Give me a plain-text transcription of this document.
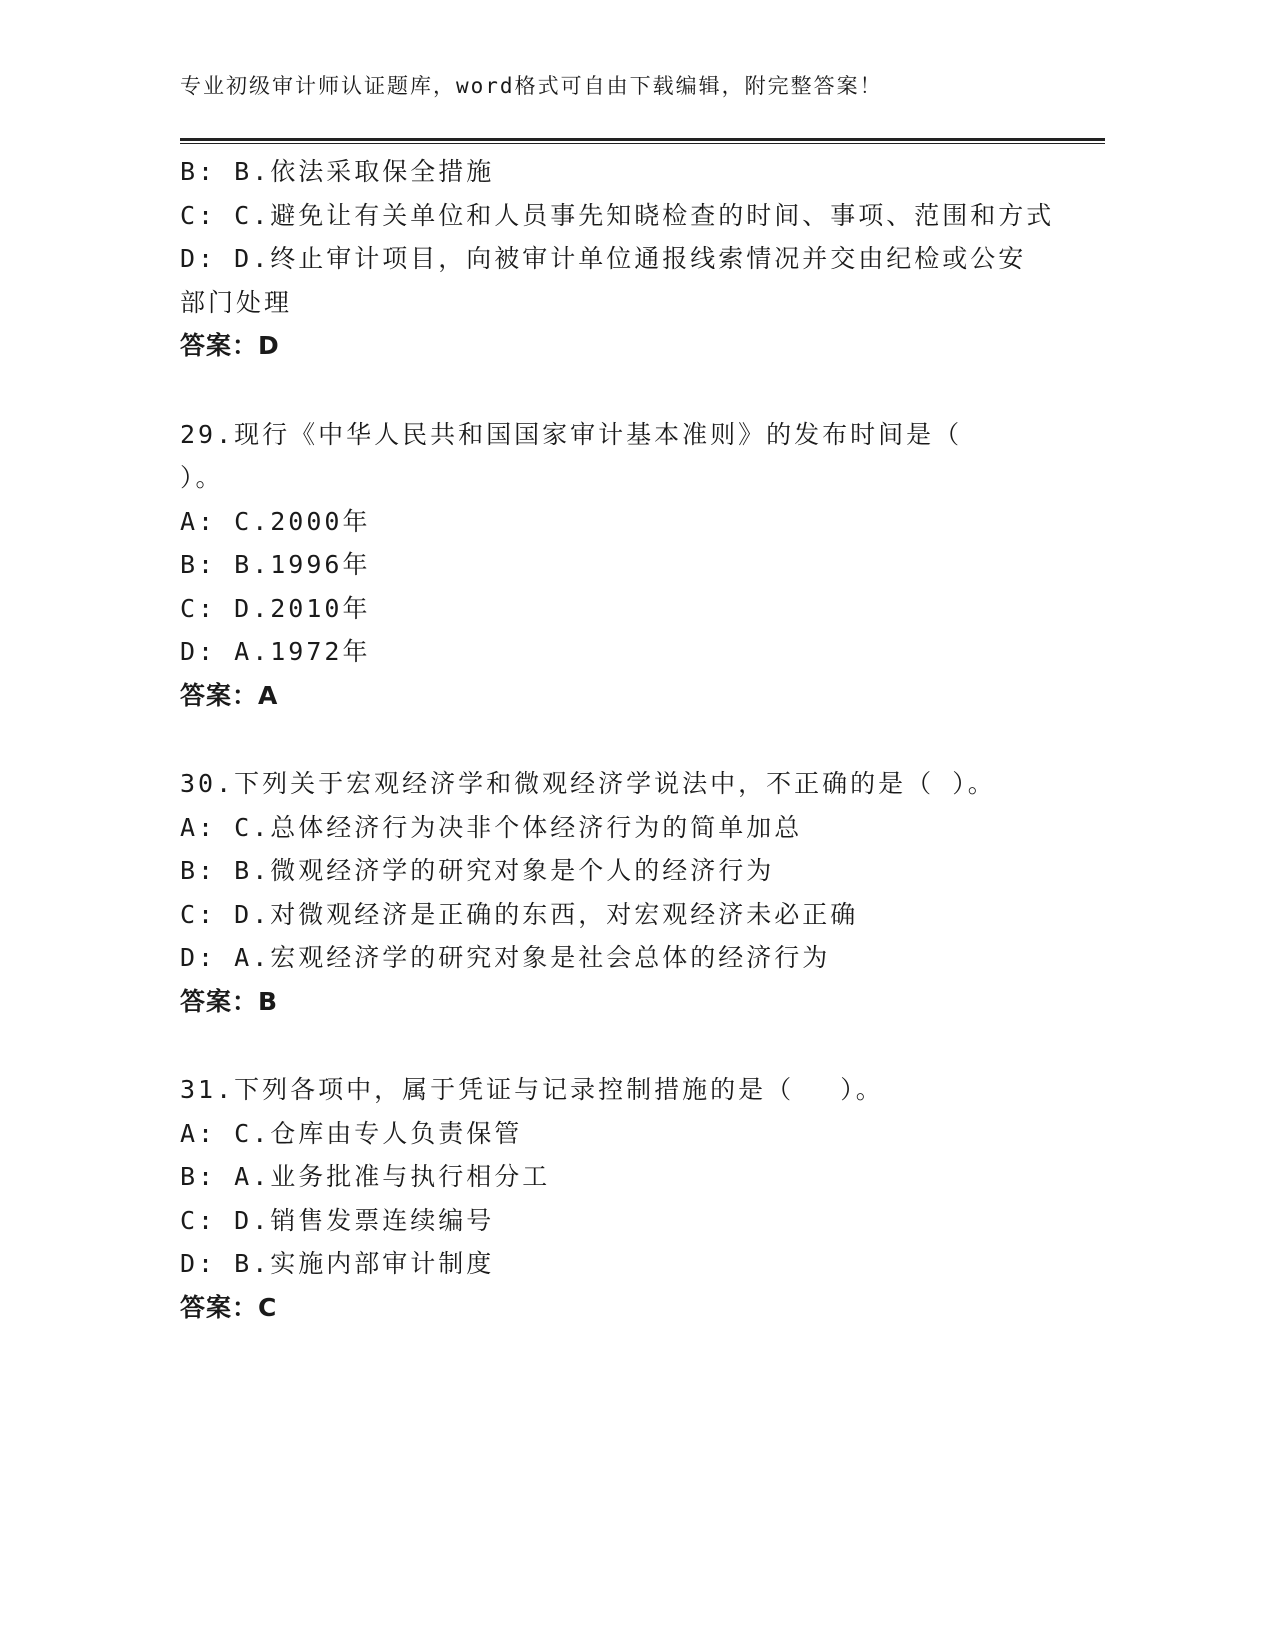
专业初级审计师认证题库，word格式可自由下载编辑，附完整答案！
B: B.依法采取保全措施
C: C.避免让有关单位和人员事先知晓检查的时间、事项、范围和方式
D: D.终止审计项目，向被审计单位通报线索情况并交由纪检或公安部门处理
答案：D
29.现行《中华人民共和国国家审计基本准则》的发布时间是（ ）。
A: C.2000年
B: B.1996年
C: D.2010年
D: A.1972年
答案：A
30.下列关于宏观经济学和微观经济学说法中，不正确的是（ ）。
A: C.总体经济行为决非个体经济行为的简单加总
B: B.微观经济学的研究对象是个人的经济行为
C: D.对微观经济是正确的东西，对宏观经济未必正确
D: A.宏观经济学的研究对象是社会总体的经济行为
答案：B
31.下列各项中，属于凭证与记录控制措施的是（　 ）。
A: C.仓库由专人负责保管
B: A.业务批准与执行相分工
C: D.销售发票连续编号
D: B.实施内部审计制度
答案：C
